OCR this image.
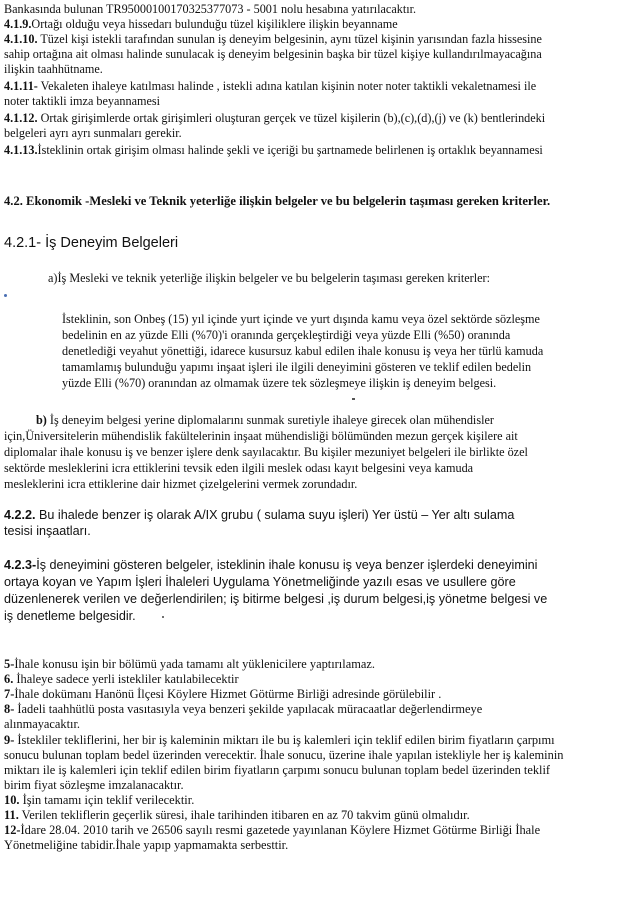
Bankasında bulunan TR950001001703253770​73 - 5001 nolu hesabına yatırılacaktır.
4.1.9.Ortağı olduğu veya hissedarı bulunduğu tüzel kişiliklere ilişkin beyanname
4.1.10. Tüzel kişi istekli tarafından sunulan iş deneyim belgesinin, aynı tüzel kişinin yarısından fazla hissesine
sahip ortağına ait olması halinde sunulacak iş deneyim belgesinin başka bir tüzel kişiye kullandırılmayacağına
ilişkin taahhütname.
4.1.11- Vekaleten ihaleye katılması halinde , istekli adına katılan kişinin noter noter taktikli vekaletnamesi ile
noter taktikli imza beyannamesi
4.1.12. Ortak girişimlerde ortak girişimleri oluşturan gerçek ve tüzel kişilerin (b),(c),(d),(j) ve (k) bentlerindeki
belgeleri ayrı ayrı sunmaları gerekir.
4.1.13.İsteklinin ortak girişim olması halinde şekli ve içeriği bu şartnamede belirlenen iş ortaklık beyannamesi
4.2. Ekonomik -Mesleki ve Teknik yeterliğe ilişkin belgeler ve bu belgelerin taşıması gereken kriterler.
4.2.1- İş Deneyim Belgeleri
a)İş Mesleki ve teknik yeterliğe ilişkin belgeler ve bu belgelerin taşıması gereken kriterler:
İsteklinin, son Onbeş (15) yıl içinde yurt içinde ve yurt dışında kamu veya özel sektörde sözleşme
bedelinin en az yüzde Elli (%70)'i oranında gerçekleştirdiği veya yüzde Elli (%50) oranında
denetlediği veyahut yönettiği, idarece kusursuz kabul edilen ihale konusu iş veya her türlü kamuda
tamamlamış bulunduğu yapımı inşaat işleri ile ilgili deneyimini gösteren ve teklif edilen bedelin
yüzde Elli (%70) oranından az olmamak üzere tek sözleşmeye ilişkin iş deneyim belgesi.
b) İş deneyim belgesi yerine diplomalarını sunmak suretiyle ihaleye girecek olan mühendisler
için,Üniversitelerin mühendislik fakültelerinin inşaat mühendisliği bölümünden mezun gerçek kişilere ait
diplomalar ihale konusu iş ve benzer işlere denk sayılacaktır. Bu kişiler mezuniyet belgeleri ile birlikte özel
sektörde mesleklerini icra ettiklerini tevsik eden ilgili meslek odası kayıt belgesini veya kamuda
mesleklerini icra ettiklerine dair hizmet çizelgelerini vermek zorundadır.
4.2.2. Bu ihalede benzer iş olarak A/IX grubu ( sulama suyu işleri) Yer üstü – Yer altı sulama
tesisi inşaatları.
4.2.3-İş deneyimini gösteren belgeler, isteklinin ihale konusu iş veya benzer işlerdeki deneyimini
ortaya koyan ve Yapım İşleri İhaleleri Uygulama Yönetmeliğinde yazılı esas ve usullere göre
düzenlenerek verilen ve değerlendirilen; iş bitirme belgesi ,iş durum belgesi,iş yönetme belgesi ve
iş denetleme belgesidir.
5-İhale konusu işin bir bölümü yada tamamı alt yüklenicilere yaptırılamaz.
6. İhaleye sadece yerli istekliler katılabilecektir
7-İhale dokümanı Hanönü İlçesi Köylere Hizmet Götürme Birliği adresinde görülebilir .
8- İadeli taahhütlü posta vasıtasıyla veya benzeri şekilde yapılacak müracaatlar değerlendirmeye
alınmayacaktır.
9- İstekliler tekliflerini, her bir iş kaleminin miktarı ile bu iş kalemleri için teklif edilen birim fiyatların çarpımı
sonucu bulunan toplam bedel üzerinden verecektir. İhale sonucu, üzerine ihale yapılan istekliyle her iş kaleminin
miktarı ile iş kalemleri için teklif edilen birim fiyatların çarpımı sonucu bulunan toplam bedel üzerinden teklif
birim fiyat sözleşme imzalanacaktır.
10. İşin tamamı için teklif verilecektir.
11. Verilen tekliflerin geçerlik süresi, ihale tarihinden itibaren en az 70 takvim günü olmalıdır.
12-İdare 28.04. 2010 tarih ve 26506 sayılı resmi gazetede yayınlanan Köylere Hizmet Götürme Birliği İhale
Yönetmeliğine tabidir.İhale yapıp yapmamakta serbesttir.
